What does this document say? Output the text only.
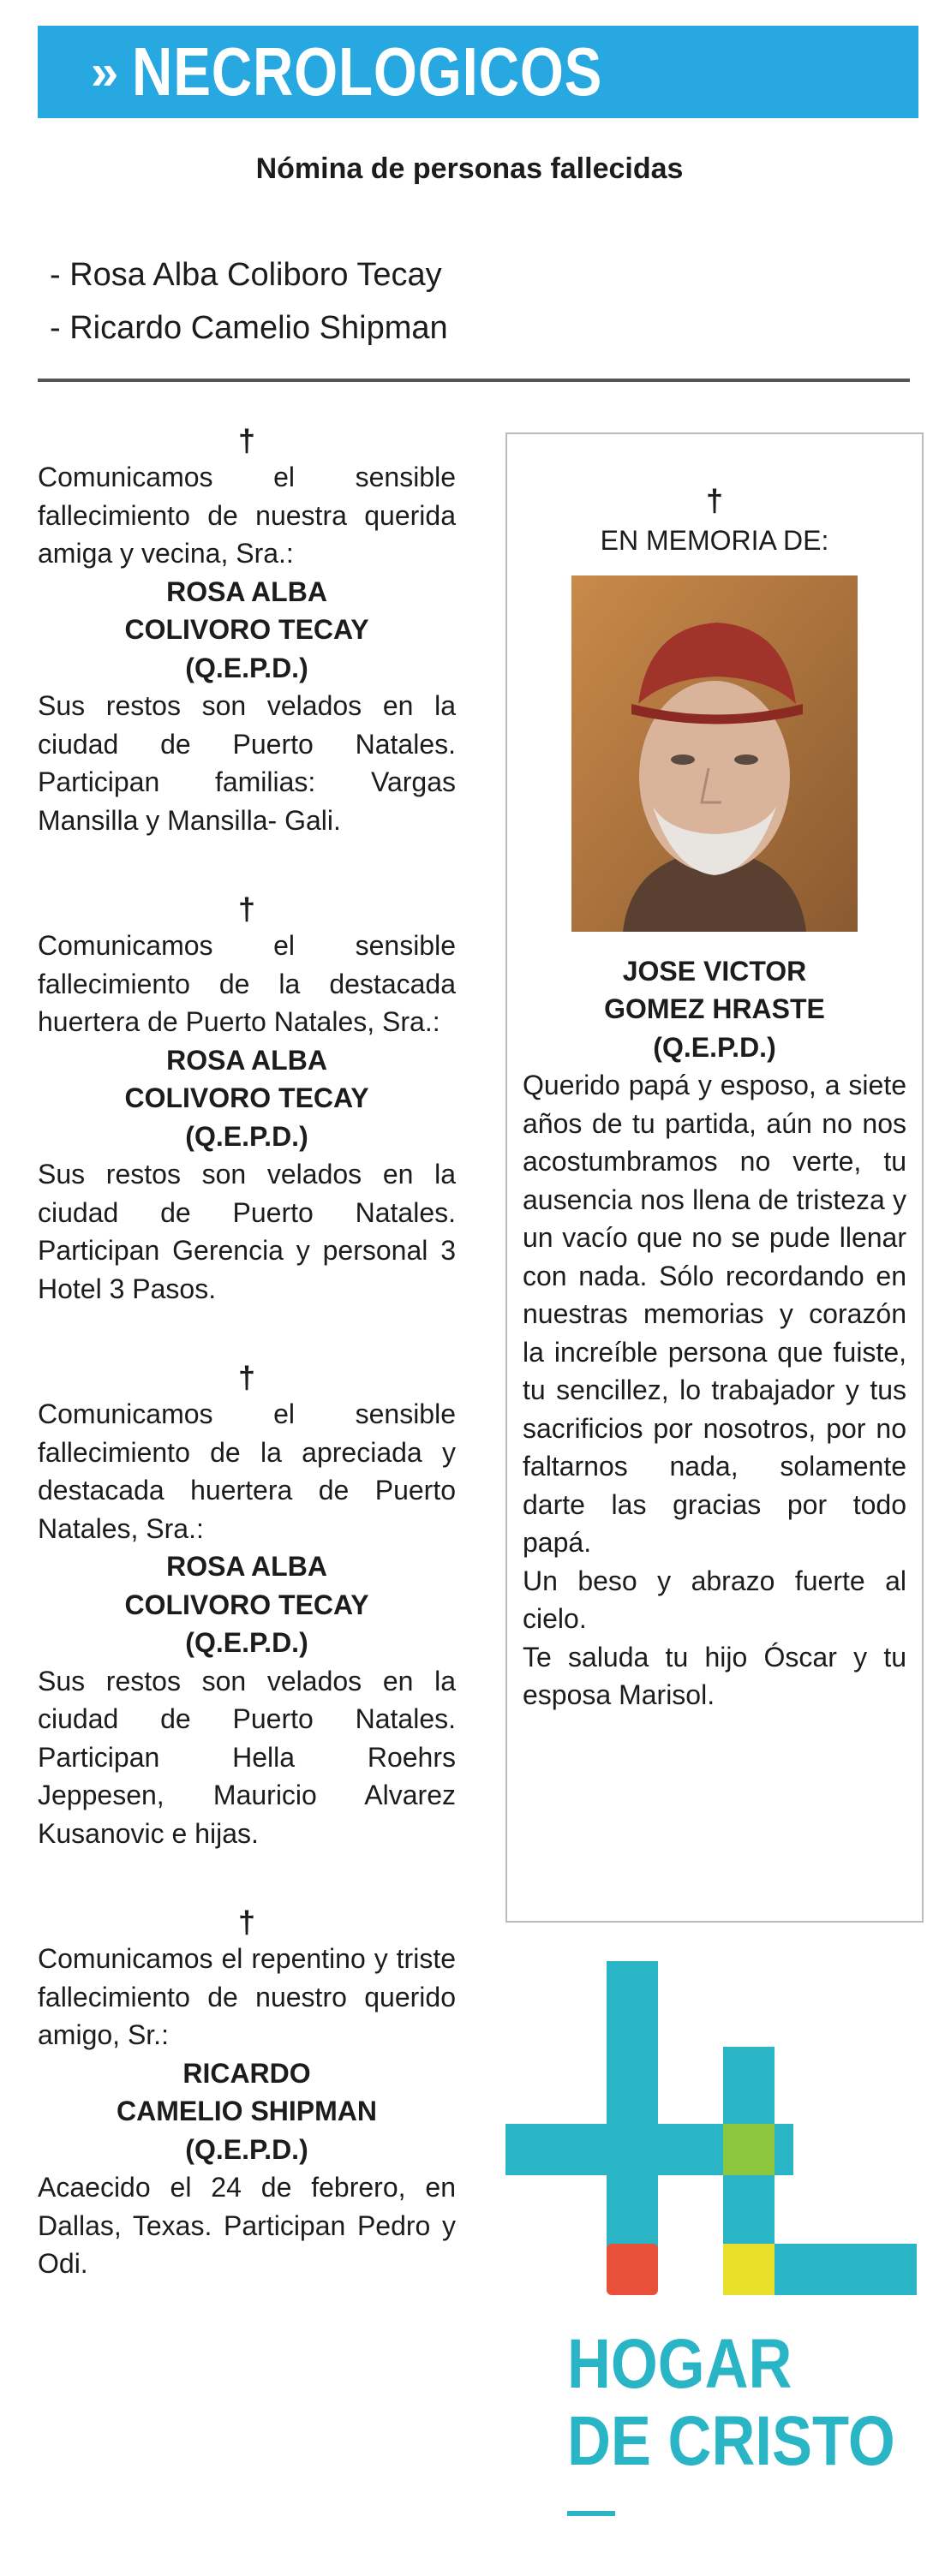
» NECROLOGICOS
Nómina de personas fallecidas
- Rosa Alba Coliboro Tecay
- Ricardo Camelio Shipman
†
Comunicamos el sensible fallecimiento de nuestra querida amiga y vecina, Sra.:
ROSA ALBA
COLIVORO TECAY
(Q.E.P.D.)
Sus restos son velados en la ciudad de Puerto Natales. Participan familias: Vargas Mansilla y Mansilla- Gali.
†
Comunicamos el sensible fallecimiento de la destacada huertera de Puerto Natales, Sra.:
ROSA ALBA
COLIVORO TECAY
(Q.E.P.D.)
Sus restos son velados en la ciudad de Puerto Natales. Participan Gerencia y personal 3 Hotel 3 Pasos.
†
Comunicamos el sensible fallecimiento de la apreciada y destacada huertera de Puerto Natales, Sra.:
ROSA ALBA
COLIVORO TECAY
(Q.E.P.D.)
Sus restos son velados en la ciudad de Puerto Natales. Participan Hella Roehrs Jeppesen, Mauricio Alvarez Kusanovic e hijas.
†
Comunicamos el repentino y triste fallecimiento de nuestro querido amigo, Sr.:
RICARDO
CAMELIO SHIPMAN
(Q.E.P.D.)
Acaecido el 24 de febrero, en Dallas, Texas. Participan Pedro y Odi.
†
EN MEMORIA DE:
JOSE VICTOR
GOMEZ HRASTE
(Q.E.P.D.)
Querido papá y esposo, a siete años de tu partida, aún no nos acostumbramos no verte, tu ausencia nos llena de tristeza y un vacío que no se pude llenar con nada. Sólo recordando en nuestras memorias y corazón la increíble persona que fuiste, tu sencillez, lo trabajador y tus sacrificios por nosotros, por no faltarnos nada, solamente darte las gracias por todo papá.
Un beso y abrazo fuerte al cielo.
Te saluda tu hijo Óscar y tu esposa Marisol.
HOGAR
DE CRISTO
